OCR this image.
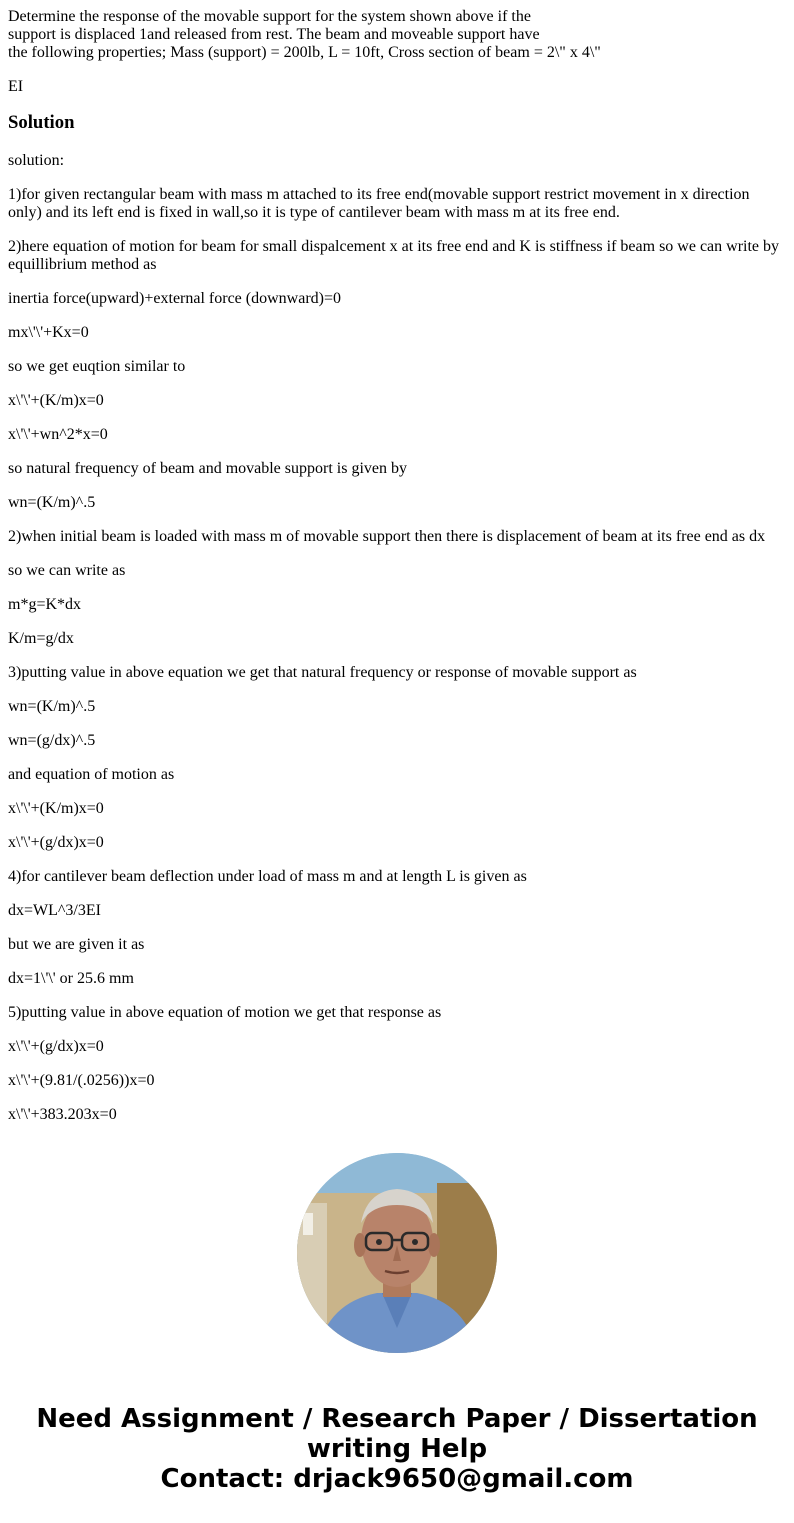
Determine the response of the movable support for the system shown above if the
support is displaced 1and released from rest. The beam and moveable support have
the following properties; Mass (support) = 200lb, L = 10ft, Cross section of beam = 2\" x 4\"

EI

Solution

solution:

1)for given rectangular beam with mass m attached to its free end(movable support restrict movement in x direction only) and its left end is fixed in wall,so it is type of cantilever beam with mass m at its free end.

2)here equation of motion for beam for small dispalcement x at its free end and K is stiffness if beam so we can write by equillibrium method as

inertia force(upward)+external force (downward)=0

mx\'\'+Kx=0

so we get euqtion similar to

x\'\'+(K/m)x=0

x\'\'+wn^2*x=0

so natural frequency of beam and movable support is given by

wn=(K/m)^.5

2)when initial beam is loaded with mass m of movable support then there is displacement of beam at its free end as dx

so we can write as

m*g=K*dx

K/m=g/dx

3)putting value in above equation we get that natural frequency or response of movable support as

wn=(K/m)^.5

wn=(g/dx)^.5

and equation of motion as

x\'\'+(K/m)x=0

x\'\'+(g/dx)x=0

4)for cantilever beam deflection under load of mass m and at length L is given as

dx=WL^3/3EI

but we are given it as

dx=1\'\' or 25.6 mm

5)putting value in above equation of motion we get that response as

x\'\'+(g/dx)x=0

x\'\'+(9.81/(.0256))x=0

x\'\'+383.203x=0

Need Assignment / Research Paper / Dissertation
writing Help
Contact: drjack9650@gmail.com
